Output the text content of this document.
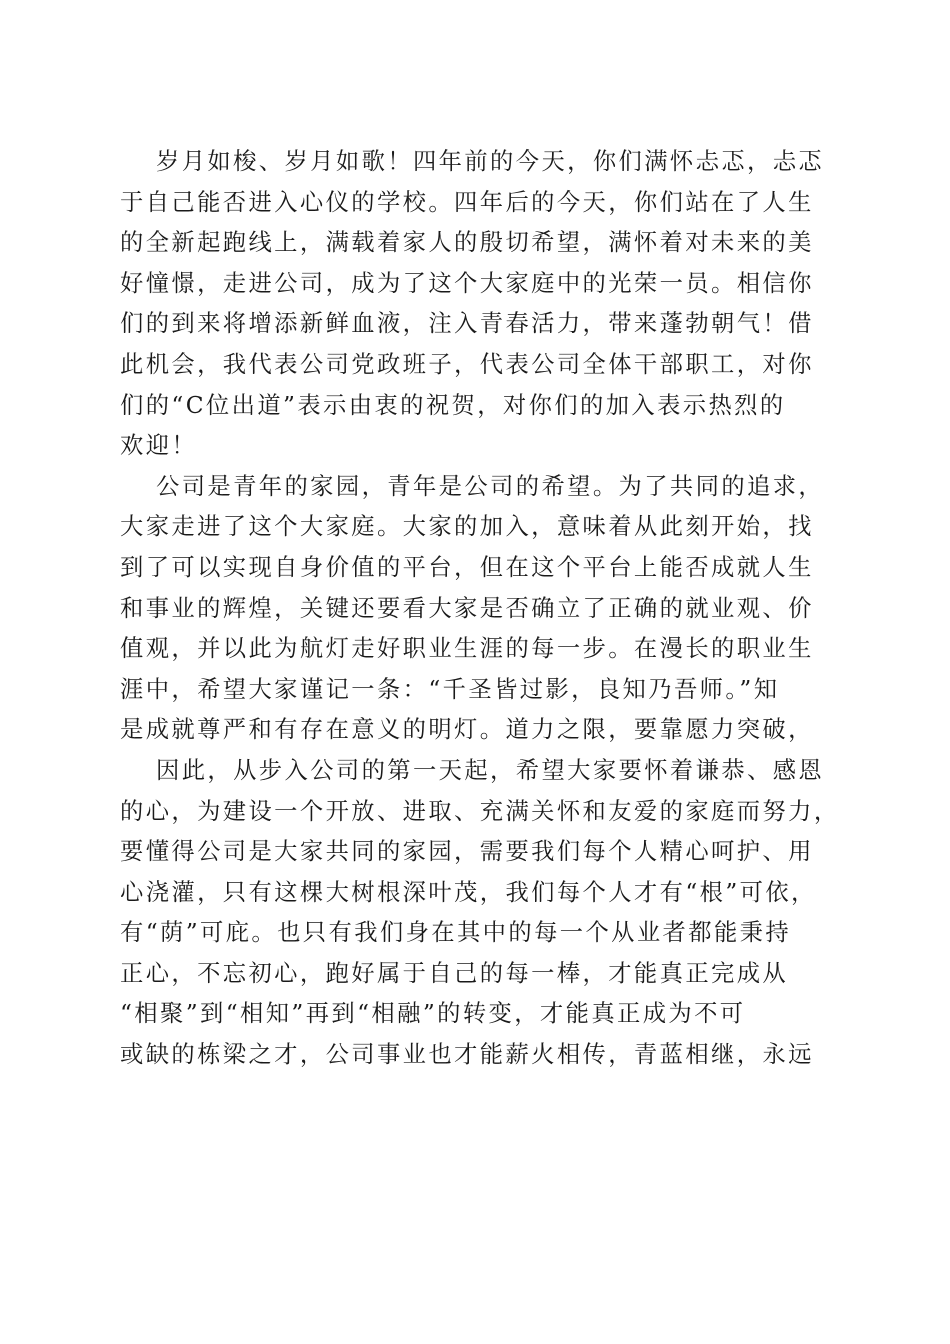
岁月如梭、岁月如歌！四年前的今天，你们满怀忐忑，忐忑
于自己能否进入心仪的学校。四年后的今天，你们站在了人生
的全新起跑线上，满载着家人的殷切希望，满怀着对未来的美
好憧憬，走进公司，成为了这个大家庭中的光荣一员。相信你
们的到来将增添新鲜血液，注入青春活力，带来蓬勃朝气！借
此机会，我代表公司党政班子，代表公司全体干部职工，对你
们的“C位出道”表示由衷的祝贺，对你们的加入表示热烈的
欢迎！
公司是青年的家园，青年是公司的希望。为了共同的追求，
大家走进了这个大家庭。大家的加入，意味着从此刻开始，找
到了可以实现自身价值的平台，但在这个平台上能否成就人生
和事业的辉煌，关键还要看大家是否确立了正确的就业观、价
值观，并以此为航灯走好职业生涯的每一步。在漫长的职业生
涯中，希望大家谨记一条：“千圣皆过影，良知乃吾师。”知
是成就尊严和有存在意义的明灯。道力之限，要靠愿力突破，
因此，从步入公司的第一天起，希望大家要怀着谦恭、感恩
的心，为建设一个开放、进取、充满关怀和友爱的家庭而努力，
要懂得公司是大家共同的家园，需要我们每个人精心呵护、用
心浇灌，只有这棵大树根深叶茂，我们每个人才有“根”可依，
有“荫”可庇。也只有我们身在其中的每一个从业者都能秉持
正心，不忘初心，跑好属于自己的每一棒，才能真正完成从
“相聚”到“相知”再到“相融”的转变，才能真正成为不可
或缺的栋梁之才，公司事业也才能薪火相传，青蓝相继，永远
